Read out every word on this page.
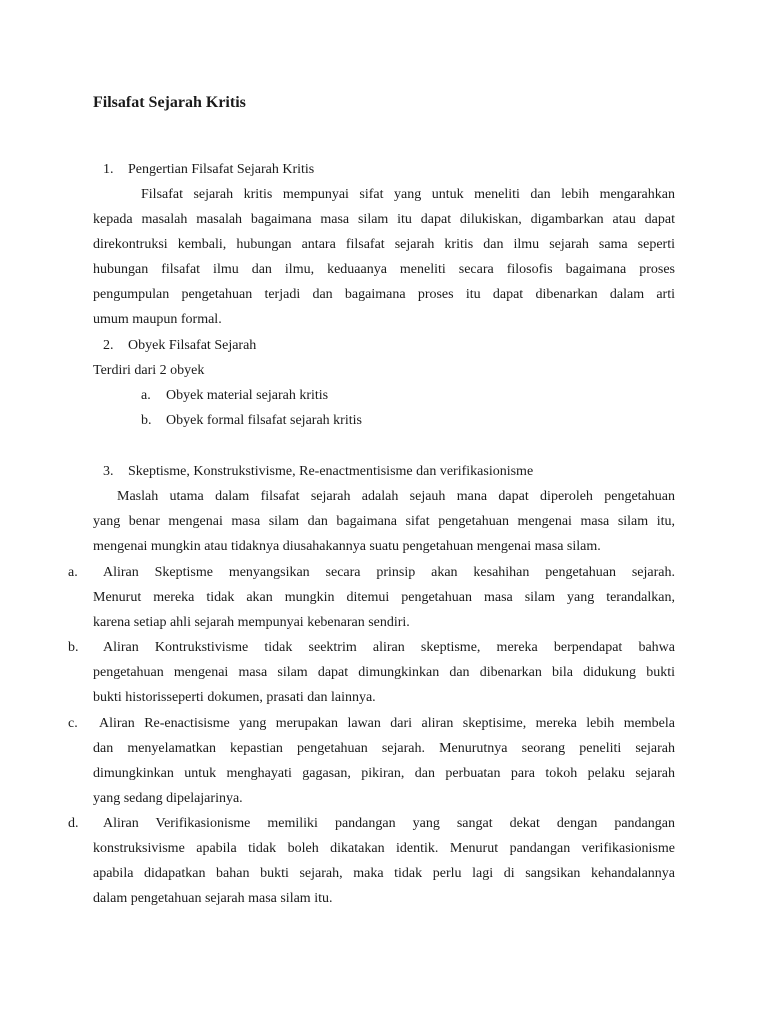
Filsafat Sejarah Kritis
1. Pengertian Filsafat Sejarah Kritis
Filsafat sejarah kritis mempunyai sifat yang untuk meneliti dan lebih mengarahkan
kepada masalah masalah bagaimana masa silam itu dapat dilukiskan, digambarkan atau dapat
direkontruksi kembali, hubungan antara filsafat sejarah kritis dan ilmu sejarah sama seperti
hubungan filsafat ilmu dan ilmu, keduaanya meneliti secara filosofis bagaimana proses
pengumpulan pengetahuan terjadi dan bagaimana proses itu dapat dibenarkan dalam arti
umum maupun formal.
2. Obyek Filsafat Sejarah
Terdiri dari 2 obyek
a. Obyek material sejarah kritis
b. Obyek formal filsafat sejarah kritis
3. Skeptisme, Konstrukstivisme, Re-enactmentisisme dan verifikasionisme
Maslah utama dalam filsafat sejarah adalah sejauh mana dapat diperoleh pengetahuan
yang benar mengenai masa silam dan bagaimana sifat pengetahuan mengenai masa silam itu,
mengenai mungkin atau tidaknya diusahakannya suatu pengetahuan mengenai masa silam.
a. Aliran Skeptisme menyangsikan secara prinsip akan kesahihan pengetahuan sejarah.
Menurut mereka tidak akan mungkin ditemui pengetahuan masa silam yang terandalkan,
karena setiap ahli sejarah mempunyai kebenaran sendiri.
b. Aliran Kontrukstivisme tidak seektrim aliran skeptisme, mereka berpendapat bahwa
pengetahuan mengenai masa silam dapat dimungkinkan dan dibenarkan bila didukung bukti
bukti historisseperti dokumen, prasati dan lainnya.
c. Aliran Re-enactisisme yang merupakan lawan dari aliran skeptisime, mereka lebih membela
dan menyelamatkan kepastian pengetahuan sejarah. Menurutnya seorang peneliti sejarah
dimungkinkan untuk menghayati gagasan, pikiran, dan perbuatan para tokoh pelaku sejarah
yang sedang dipelajarinya.
d. Aliran Verifikasionisme memiliki pandangan yang sangat dekat dengan pandangan
konstruksivisme apabila tidak boleh dikatakan identik. Menurut pandangan verifikasionisme
apabila didapatkan bahan bukti sejarah, maka tidak perlu lagi di sangsikan kehandalannya
dalam pengetahuan sejarah masa silam itu.
